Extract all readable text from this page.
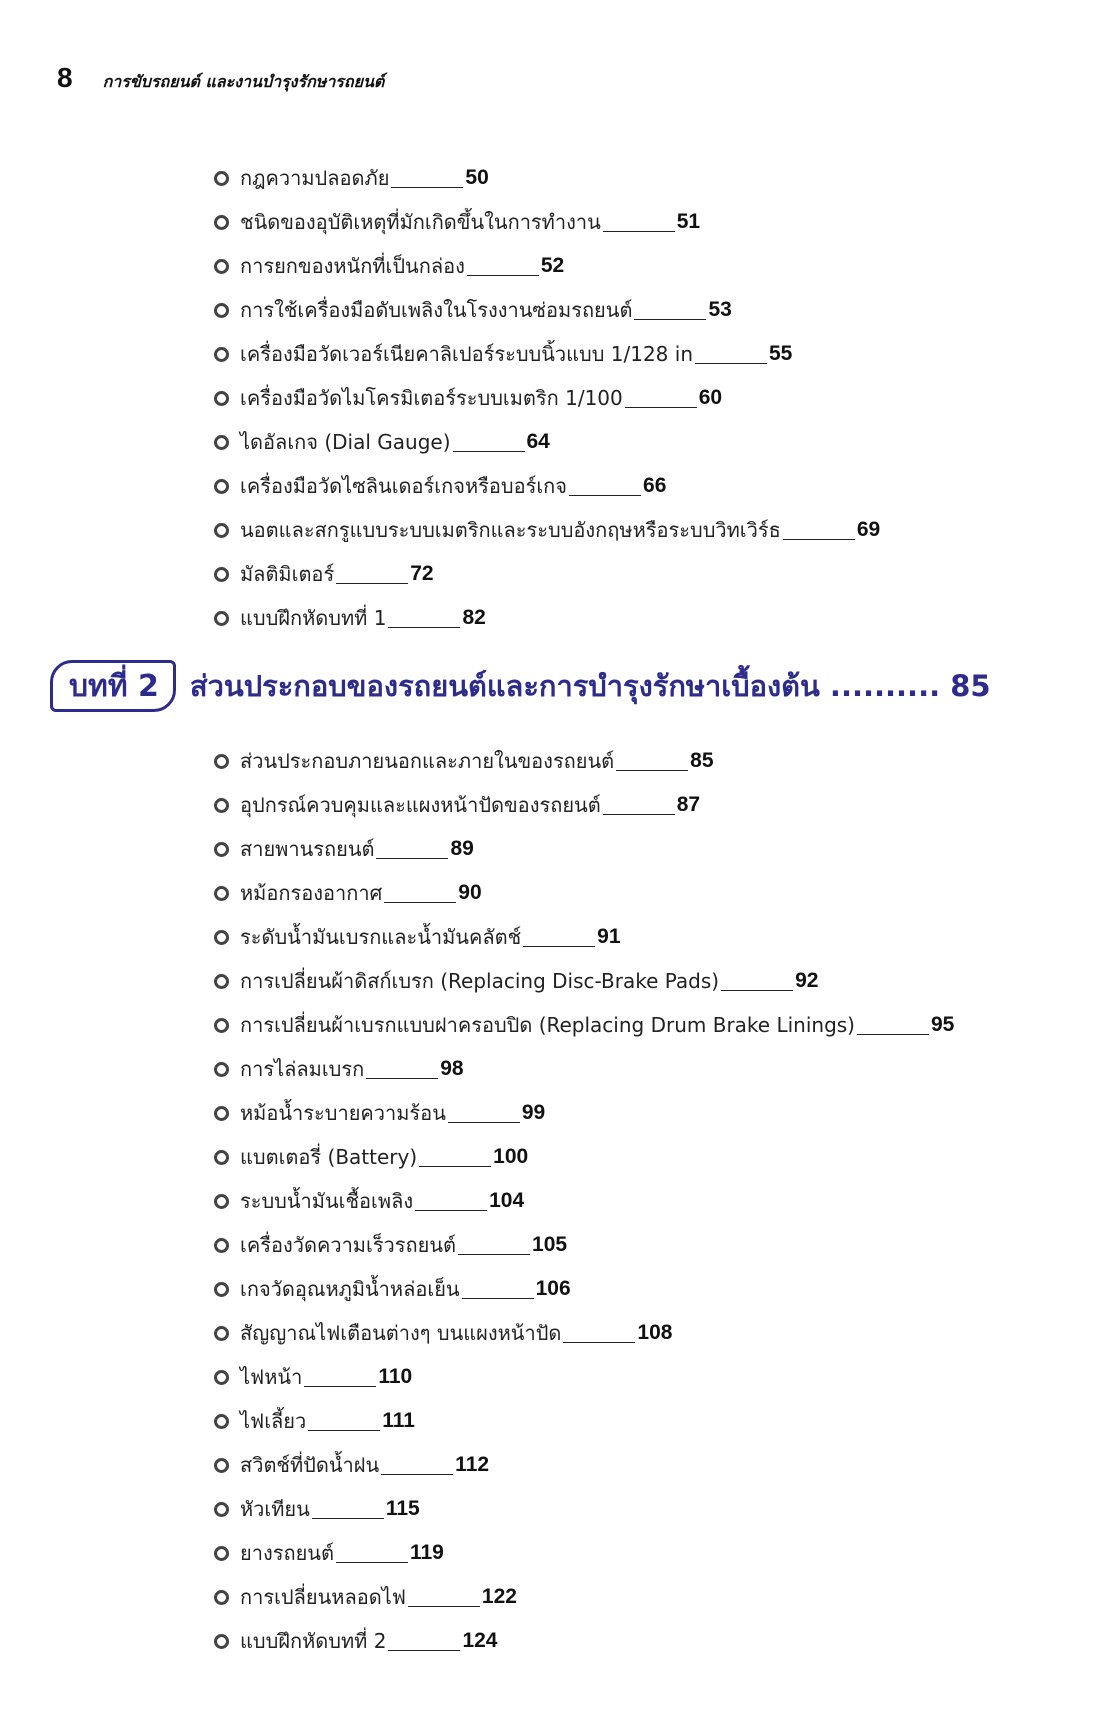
8 การขับรถยนต์ และงานบำรุงรักษารถยนต์
กฎความปลอดภัย	50
ชนิดของอุบัติเหตุที่มักเกิดขึ้นในการทำงาน	51
การยกของหนักที่เป็นกล่อง	52
การใช้เครื่องมือดับเพลิงในโรงงานซ่อมรถยนต์	53
เครื่องมือวัดเวอร์เนียคาลิเปอร์ระบบนิ้วแบบ 1/128 in	55
เครื่องมือวัดไมโครมิเตอร์ระบบเมตริก 1/100	60
ไดอัลเกจ (Dial Gauge)	64
เครื่องมือวัดไซลินเดอร์เกจหรือบอร์เกจ	66
นอตและสกรูแบบระบบเมตริกและระบบอังกฤษหรือระบบวิทเวิร์ธ	69
มัลติมิเตอร์	72
แบบฝึกหัดบทที่ 1	82
บทที่ 2	ส่วนประกอบของรถยนต์และการบำรุงรักษาเบื้องต้น .......... 85
ส่วนประกอบภายนอกและภายในของรถยนต์	85
อุปกรณ์ควบคุมและแผงหน้าปัดของรถยนต์	87
สายพานรถยนต์	89
หม้อกรองอากาศ	90
ระดับน้ำมันเบรกและน้ำมันคลัตช์	91
การเปลี่ยนผ้าดิสก์เบรก (Replacing Disc-Brake Pads)	92
การเปลี่ยนผ้าเบรกแบบฝาครอบปิด (Replacing Drum Brake Linings)	95
การไล่ลมเบรก	98
หม้อน้ำระบายความร้อน	99
แบตเตอรี่ (Battery)	100
ระบบน้ำมันเชื้อเพลิง	104
เครื่องวัดความเร็วรถยนต์	105
เกจวัดอุณหภูมิน้ำหล่อเย็น	106
สัญญาณไฟเตือนต่างๆ บนแผงหน้าปัด	108
ไฟหน้า	110
ไฟเลี้ยว	111
สวิตช์ที่ปัดน้ำฝน	112
หัวเทียน	115
ยางรถยนต์	119
การเปลี่ยนหลอดไฟ	122
แบบฝึกหัดบทที่ 2	124
